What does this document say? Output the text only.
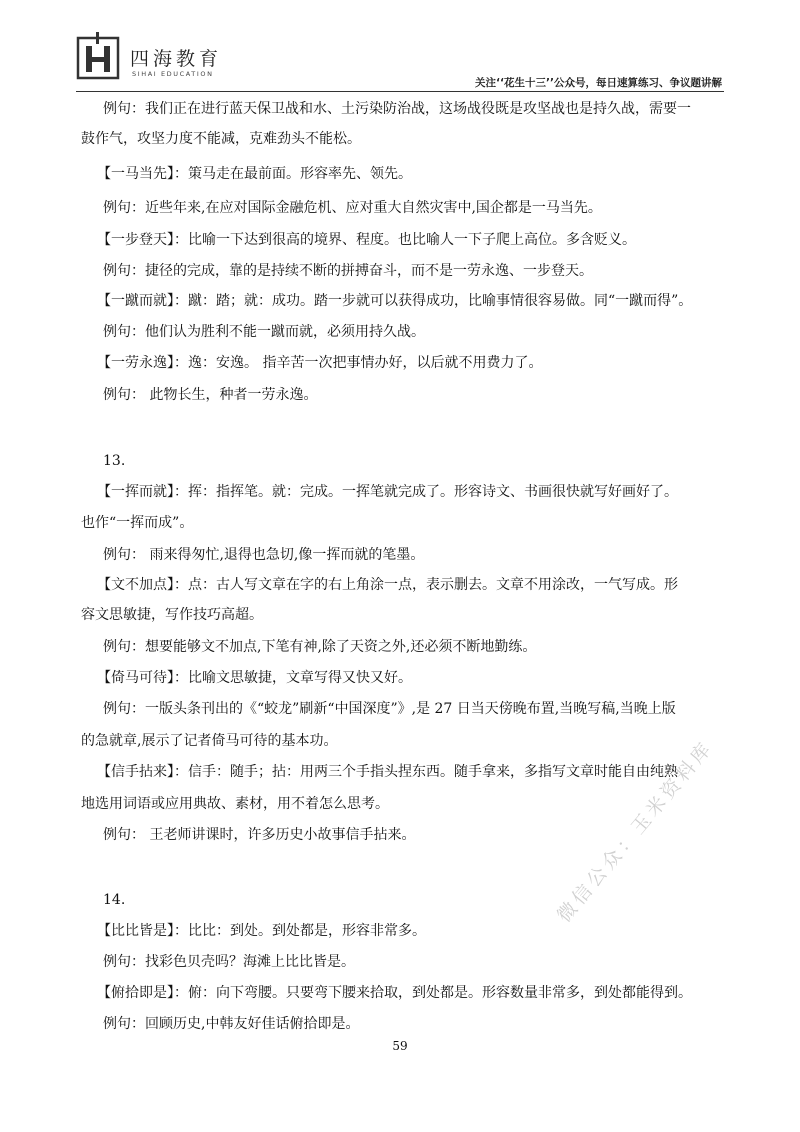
四海教育
SIHAI EDUCATION
关注‘‘花生十三’’公众号，每日速算练习、争议题讲解
例句：我们正在进行蓝天保卫战和水、土污染防治战，这场战役既是攻坚战也是持久战，需要一
鼓作气，攻坚力度不能减，克难劲头不能松。
【一马当先】：策马走在最前面。形容率先、领先。
例句：近些年来,在应对国际金融危机、应对重大自然灾害中,国企都是一马当先。
【一步登天】：比喻一下达到很高的境界、程度。也比喻人一下子爬上高位。多含贬义。
例句：捷径的完成，靠的是持续不断的拼搏奋斗，而不是一劳永逸、一步登天。
【一蹴而就】：蹴：踏；就：成功。踏一步就可以获得成功，比喻事情很容易做。同“一蹴而得”。
例句：他们认为胜利不能一蹴而就，必须用持久战。
【一劳永逸】：逸：安逸。 指辛苦一次把事情办好，以后就不用费力了。
例句： 此物长生，种者一劳永逸。
13.
【一挥而就】：挥：指挥笔。就：完成。一挥笔就完成了。形容诗文、书画很快就写好画好了。
也作“一挥而成”。
例句： 雨来得匆忙,退得也急切,像一挥而就的笔墨。
【文不加点】：点：古人写文章在字的右上角涂一点，表示删去。文章不用涂改，一气写成。形
容文思敏捷，写作技巧高超。
例句：想要能够文不加点,下笔有神,除了天资之外,还必须不断地勤练。
【倚马可待】：比喻文思敏捷，文章写得又快又好。
例句：一版头条刊出的《“蛟龙”刷新“中国深度”》,是 27 日当天傍晚布置,当晚写稿,当晚上版
的急就章,展示了记者倚马可待的基本功。
【信手拈来】：信手：随手；拈：用两三个手指头捏东西。随手拿来，多指写文章时能自由纯熟
地选用词语或应用典故、素材，用不着怎么思考。
例句： 王老师讲课时，许多历史小故事信手拈来。
14.
【比比皆是】：比比：到处。到处都是，形容非常多。
例句：找彩色贝壳吗？海滩上比比皆是。
【俯拾即是】：俯：向下弯腰。只要弯下腰来拾取，到处都是。形容数量非常多，到处都能得到。
例句：回顾历史,中韩友好佳话俯拾即是。
59
微信公众：玉米资料库
